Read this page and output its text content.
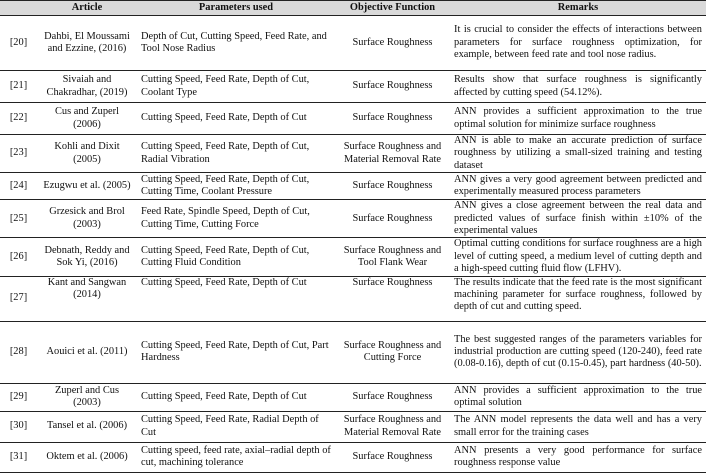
	Article	Parameters used	Objective Function	Remarks
[20]	Dahbi, El Moussami and Ezzine, (2016)	Depth of Cut, Cutting Speed, Feed Rate, and Tool Nose Radius	Surface Roughness	It is crucial to consider the effects of interactions between parameters for surface roughness optimization, for example, between feed rate and tool nose radius.
[21]	Sivaiah and Chakradhar, (2019)	Cutting Speed, Feed Rate, Depth of Cut, Coolant Type	Surface Roughness	Results show that surface roughness is significantly affected by cutting speed (54.12%).
[22]	Cus and Zuperl (2006)	Cutting Speed, Feed Rate, Depth of Cut	Surface Roughness	ANN provides a sufficient approximation to the true optimal solution for minimize surface roughness
[23]	Kohli and Dixit (2005)	Cutting Speed, Feed Rate, Depth of Cut, Radial Vibration	Surface Roughness and Material Removal Rate	ANN is able to make an accurate prediction of surface roughness by utilizing a small-sized training and testing dataset
[24]	Ezugwu et al. (2005)	Cutting Speed, Feed Rate, Depth of Cut, Cutting Time, Coolant Pressure	Surface Roughness	ANN gives a very good agreement between predicted and experimentally measured process parameters
[25]	Grzesick and Brol (2003)	Feed Rate, Spindle Speed, Depth of Cut, Cutting Time, Cutting Force	Surface Roughness	ANN gives a close agreement between the real data and predicted values of surface finish within ±10% of the experimental values
[26]	Debnath, Reddy and Sok Yi, (2016)	Cutting Speed, Feed Rate, Depth of Cut, Cutting Fluid Condition	Surface Roughness and Tool Flank Wear	Optimal cutting conditions for surface roughness are a high level of cutting speed, a medium level of cutting depth and a high-speed cutting fluid flow (LFHV).
[27]	Kant and Sangwan (2014)	Cutting Speed, Feed Rate, Depth of Cut	Surface Roughness	The results indicate that the feed rate is the most significant machining parameter for surface roughness, followed by depth of cut and cutting speed.
[28]	Aouici et al. (2011)	Cutting Speed, Feed Rate, Depth of Cut, Part Hardness	Surface Roughness and Cutting Force	The best suggested ranges of the parameters variables for industrial production are cutting speed (120-240), feed rate (0.08-0.16), depth of cut (0.15-0.45), part hardness (40-50).
[29]	Zuperl and Cus (2003)	Cutting Speed, Feed Rate, Depth of Cut	Surface Roughness	ANN provides a sufficient approximation to the true optimal solution
[30]	Tansel et al. (2006)	Cutting Speed, Feed Rate, Radial Depth of Cut	Surface Roughness and Material Removal Rate	The ANN model represents the data well and has a very small error for the training cases
[31]	Oktem et al. (2006)	Cutting speed, feed rate, axial–radial depth of cut, machining tolerance	Surface Roughness	ANN presents a very good performance for surface roughness response value
